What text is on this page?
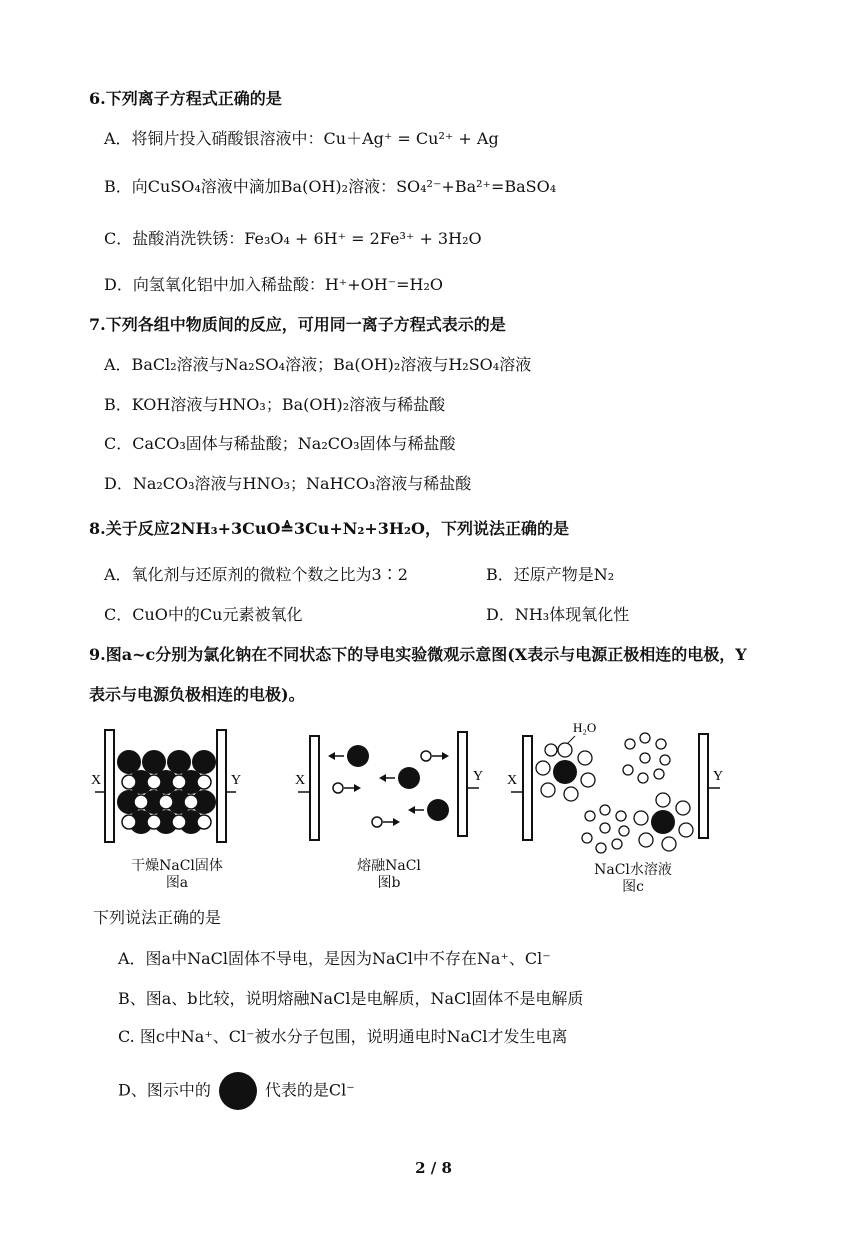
6.下列离子方程式正确的是
A．将铜片投入硝酸银溶液中：Cu＋Ag⁺ = Cu²⁺ + Ag
B．向CuSO₄溶液中滴加Ba(OH)₂溶液：SO₄²⁻+Ba²⁺=BaSO₄
C．盐酸消洗铁锈：Fe₃O₄ + 6H⁺ = 2Fe³⁺ + 3H₂O
D．向氢氧化铝中加入稀盐酸：H⁺+OH⁻=H₂O
7.下列各组中物质间的反应，可用同一离子方程式表示的是
A．BaCl₂溶液与Na₂SO₄溶液；Ba(OH)₂溶液与H₂SO₄溶液
B．KOH溶液与HNO₃；Ba(OH)₂溶液与稀盐酸
C．CaCO₃固体与稀盐酸；Na₂CO₃固体与稀盐酸
D．Na₂CO₃溶液与HNO₃；NaHCO₃溶液与稀盐酸
8.关于反应2NH₃+3CuO≜3Cu+N₂+3H₂O，下列说法正确的是
A．氧化剂与还原剂的微粒个数之比为3∶2	B．还原产物是N₂
C．CuO中的Cu元素被氧化	D．NH₃体现氧化性
9.图a~c分别为氯化钠在不同状态下的导电实验微观示意图(X表示与电源正极相连的电极，Y
表示与电源负极相连的电极)。
X	Y	X	Y
H₂O
X	Y
干燥NaCl固体
图a
熔融NaCl
图b
NaCl水溶液
图c
下列说法正确的是
A．图a中NaCl固体不导电，是因为NaCl中不存在Na⁺、Cl⁻
B、图a、b比较，说明熔融NaCl是电解质，NaCl固体不是电解质
C. 图c中Na⁺、Cl⁻被水分子包围，说明通电时NaCl才发生电离
D、图示中的	代表的是Cl⁻
2 / 8
